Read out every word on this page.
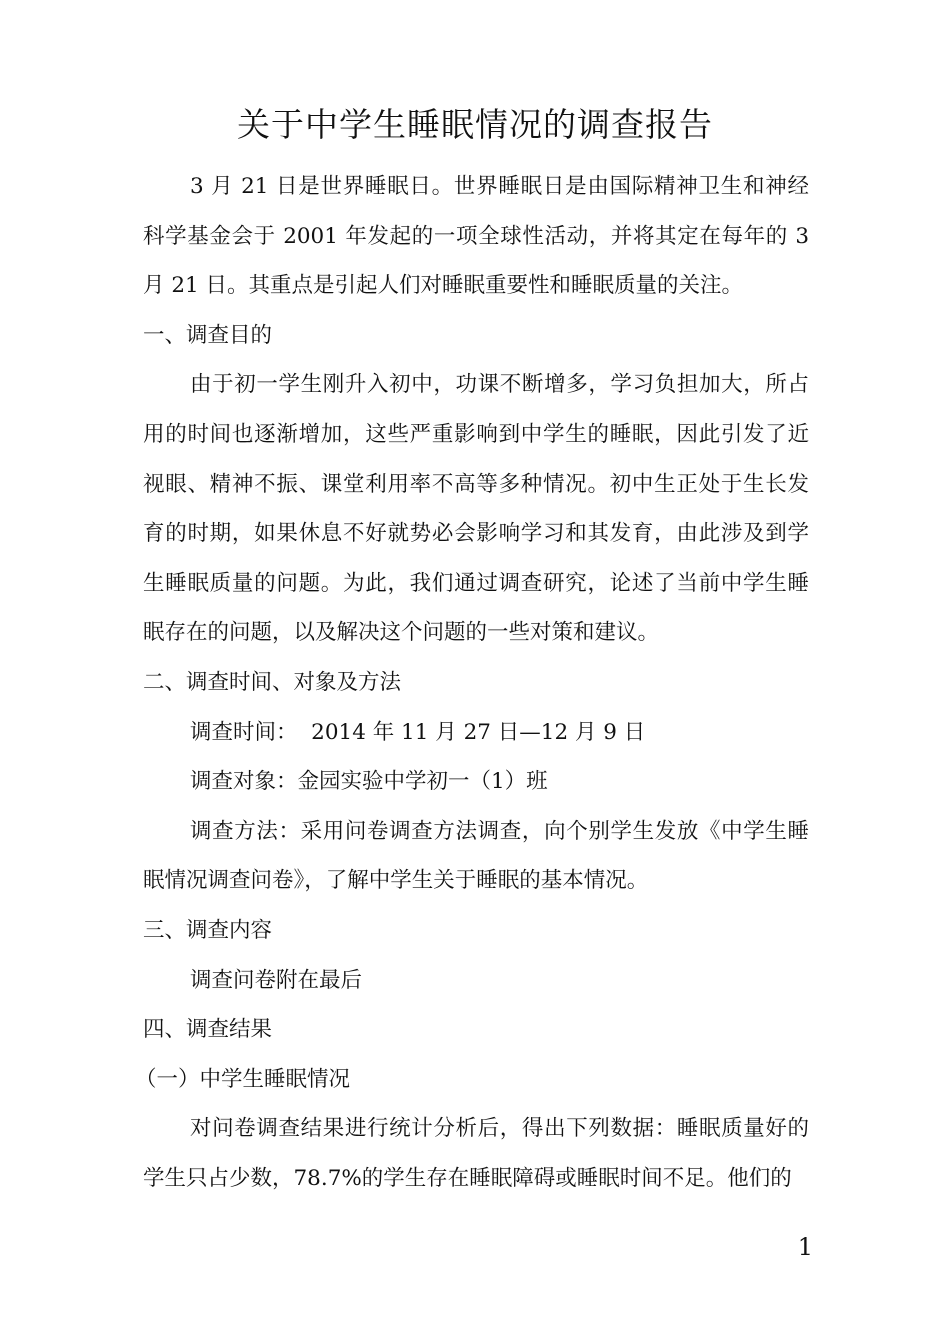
关于中学生睡眠情况的调查报告

3 月 21 日是世界睡眠日。世界睡眠日是由国际精神卫生和神经科学基金会于 2001 年发起的一项全球性活动，并将其定在每年的 3 月 21 日。其重点是引起人们对睡眠重要性和睡眠质量的关注。

一、调查目的

由于初一学生刚升入初中，功课不断增多，学习负担加大，所占用的时间也逐渐增加，这些严重影响到中学生的睡眠，因此引发了近视眼、精神不振、课堂利用率不高等多种情况。初中生正处于生长发育的时期，如果休息不好就势必会影响学习和其发育，由此涉及到学生睡眠质量的问题。为此，我们通过调查研究，论述了当前中学生睡眠存在的问题，以及解决这个问题的一些对策和建议。

二、调查时间、对象及方法

调查时间：  2014 年 11 月 27 日—12 月 9 日

调查对象：金园实验中学初一（1）班

调查方法：采用问卷调查方法调查，向个别学生发放《中学生睡眠情况调查问卷》，了解中学生关于睡眠的基本情况。

三、调查内容

调查问卷附在最后

四、调查结果

（一）中学生睡眠情况

对问卷调查结果进行统计分析后，得出下列数据：睡眠质量好的学生只占少数，78.7%的学生存在睡眠障碍或睡眠时间不足。他们的

1
